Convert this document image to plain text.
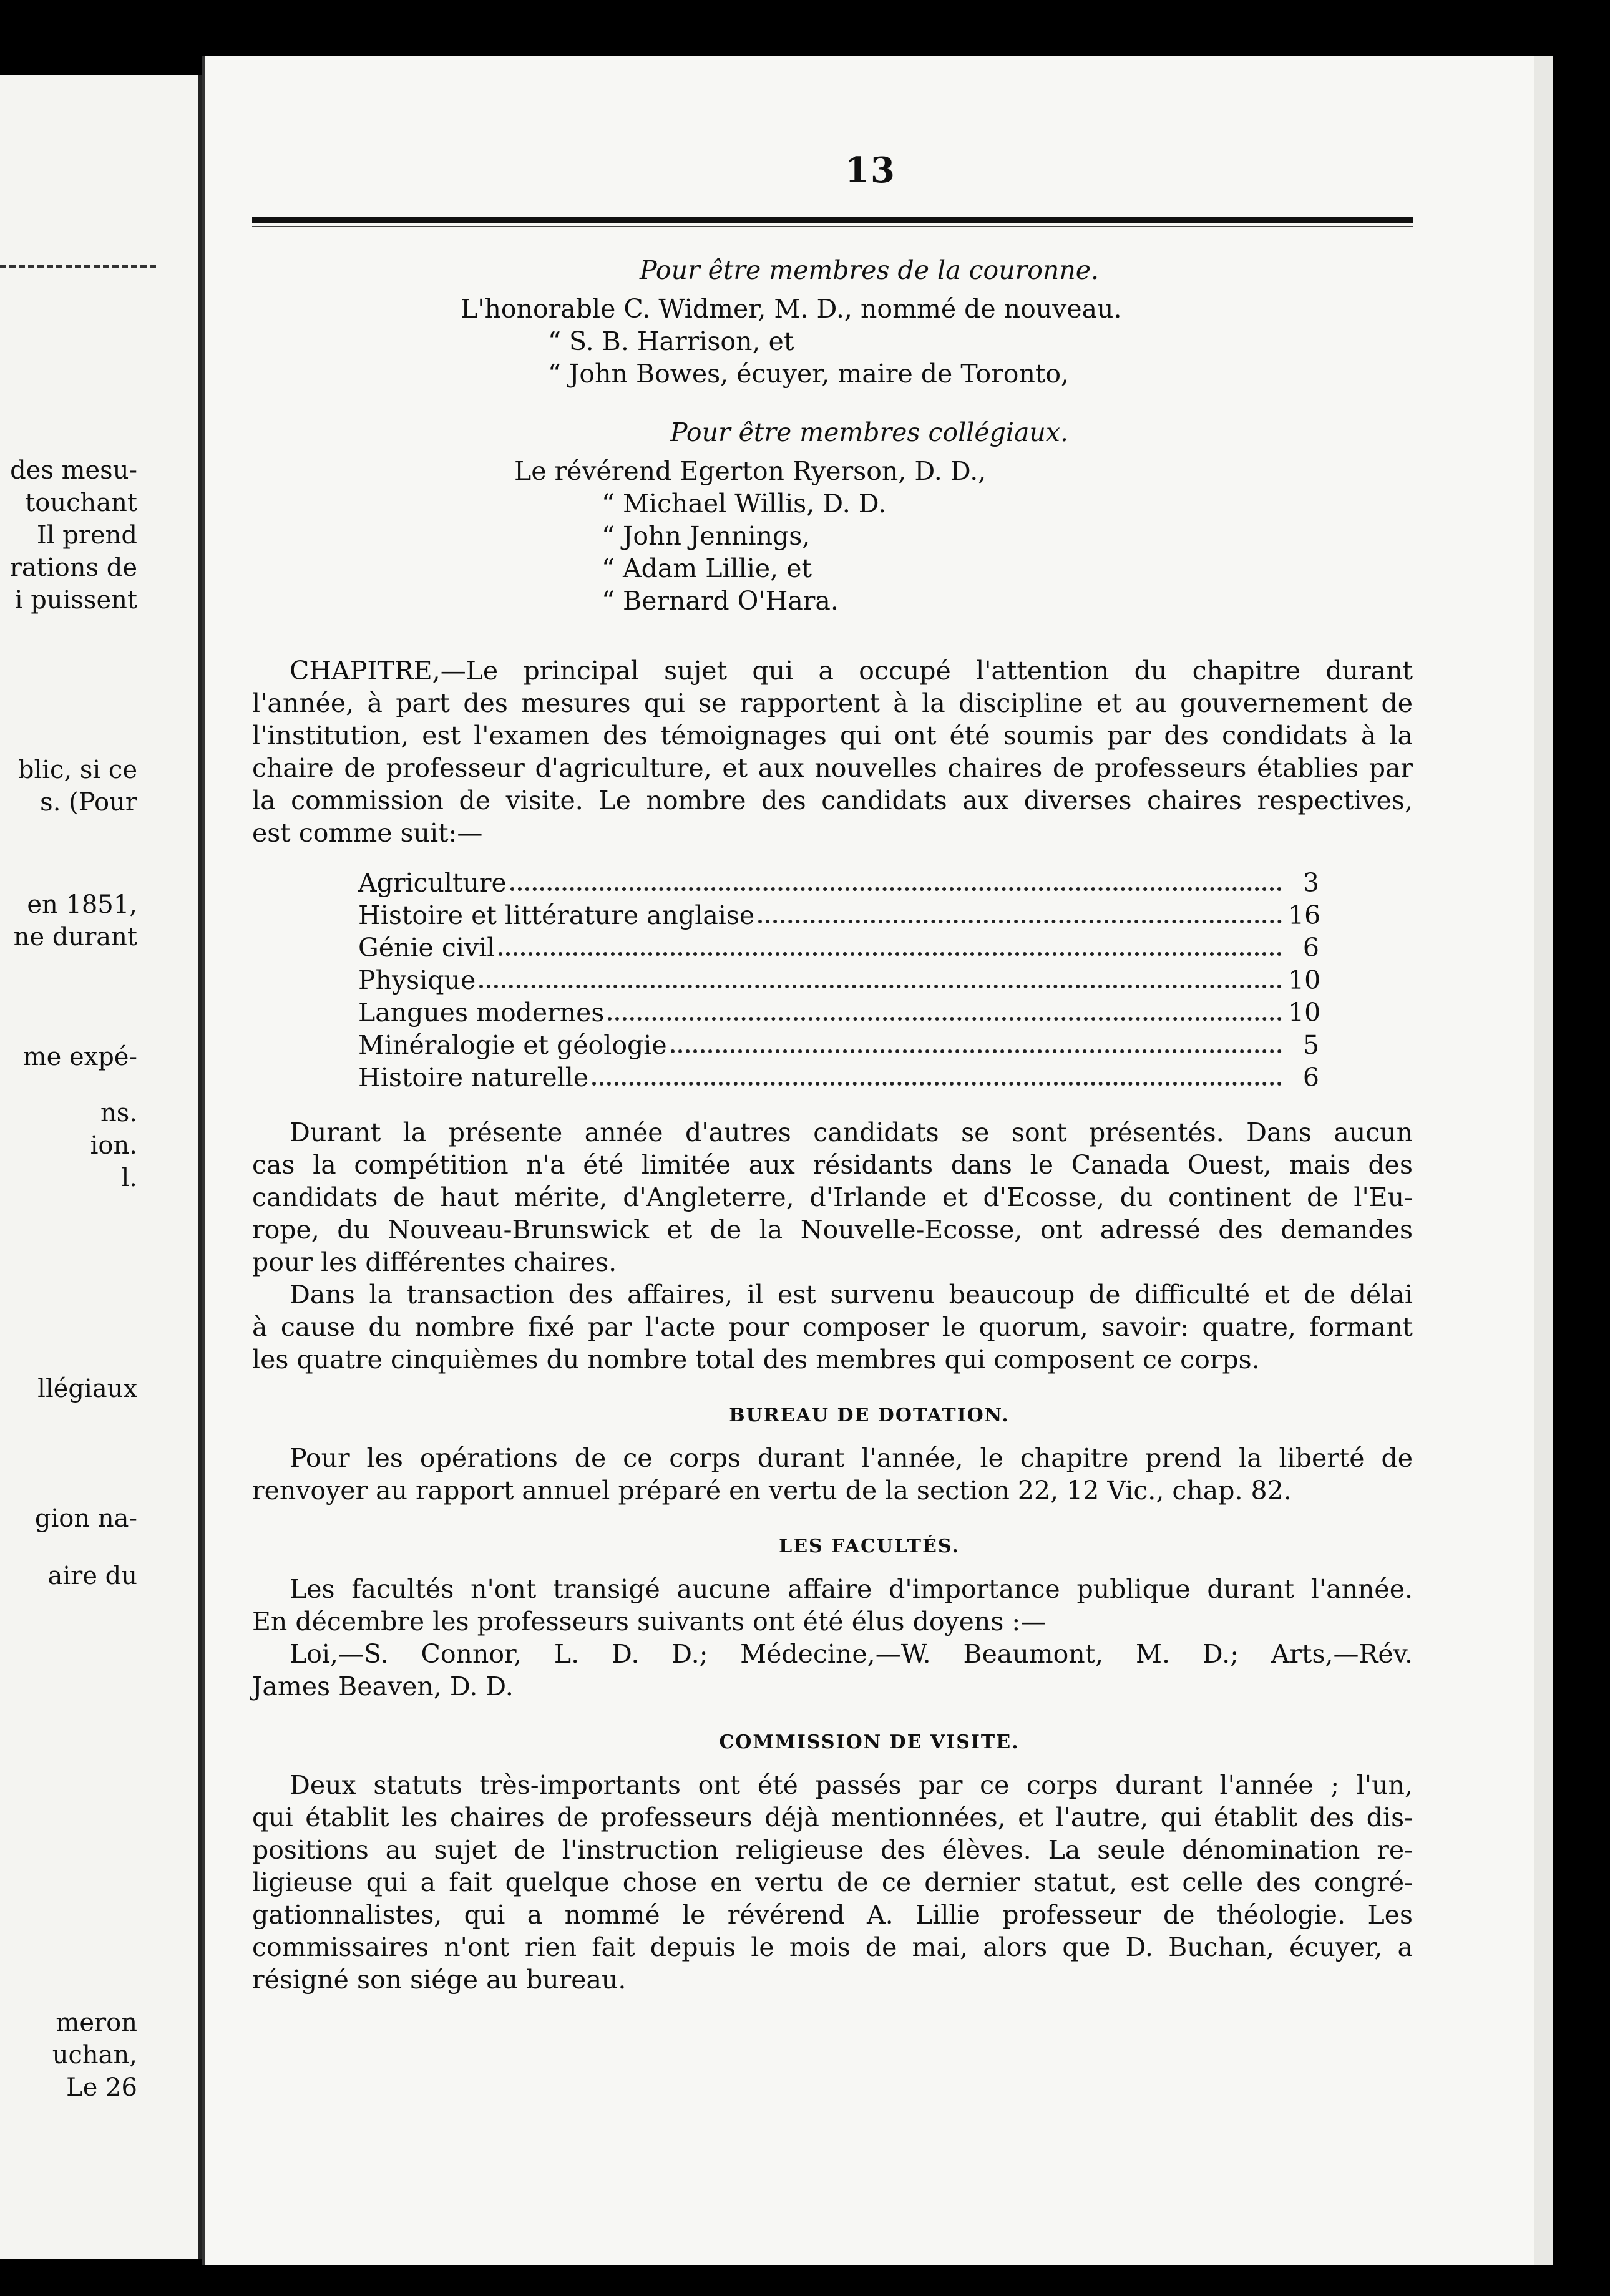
des mesu-
touchant
Il prend
rations de
i puissent
blic, si ce
s. (Pour
en 1851,
ne durant
me expé-
ns.
ion.
l.
llégiaux
gion na-
aire du
meron
uchan,
Le 26
13
Pour être membres de la couronne.
L'honorable C. Widmer, M. D., nommé de nouveau.
“ S. B. Harrison, et
“ John Bowes, écuyer, maire de Toronto,
Pour être membres collégiaux.
Le révérend Egerton Ryerson, D. D.,
“ Michael Willis, D. D.
“ John Jennings,
“ Adam Lillie, et
“ Bernard O'Hara.
CHAPITRE,—Le principal sujet qui a occupé l'attention du chapitre durant
l'année, à part des mesures qui se rapportent à la discipline et au gouvernement de
l'institution, est l'examen des témoignages qui ont été soumis par des condidats à la
chaire de professeur d'agriculture, et aux nouvelles chaires de professeurs établies par
la commission de visite. Le nombre des candidats aux diverses chaires respectives,
est comme suit:—
Agriculture	3
Histoire et littérature anglaise	16
Génie civil	6
Physique	10
Langues modernes	10
Minéralogie et géologie	5
Histoire naturelle	6
Durant la présente année d'autres candidats se sont présentés. Dans aucun
cas la compétition n'a été limitée aux résidants dans le Canada Ouest, mais des
candidats de haut mérite, d'Angleterre, d'Irlande et d'Ecosse, du continent de l'Eu-
rope, du Nouveau-Brunswick et de la Nouvelle-Ecosse, ont adressé des demandes
pour les différentes chaires.
Dans la transaction des affaires, il est survenu beaucoup de difficulté et de délai
à cause du nombre fixé par l'acte pour composer le quorum, savoir: quatre, formant
les quatre cinquièmes du nombre total des membres qui composent ce corps.
BUREAU DE DOTATION.
Pour les opérations de ce corps durant l'année, le chapitre prend la liberté de
renvoyer au rapport annuel préparé en vertu de la section 22, 12 Vic., chap. 82.
LES FACULTÉS.
Les facultés n'ont transigé aucune affaire d'importance publique durant l'année.
En décembre les professeurs suivants ont été élus doyens :—
Loi,—S. Connor, L. D. D.; Médecine,—W. Beaumont, M. D.; Arts,—Rév.
James Beaven, D. D.
COMMISSION DE VISITE.
Deux statuts très-importants ont été passés par ce corps durant l'année ; l'un,
qui établit les chaires de professeurs déjà mentionnées, et l'autre, qui établit des dis-
positions au sujet de l'instruction religieuse des élèves. La seule dénomination re-
ligieuse qui a fait quelque chose en vertu de ce dernier statut, est celle des congré-
gationnalistes, qui a nommé le révérend A. Lillie professeur de théologie. Les
commissaires n'ont rien fait depuis le mois de mai, alors que D. Buchan, écuyer, a
résigné son siége au bureau.
